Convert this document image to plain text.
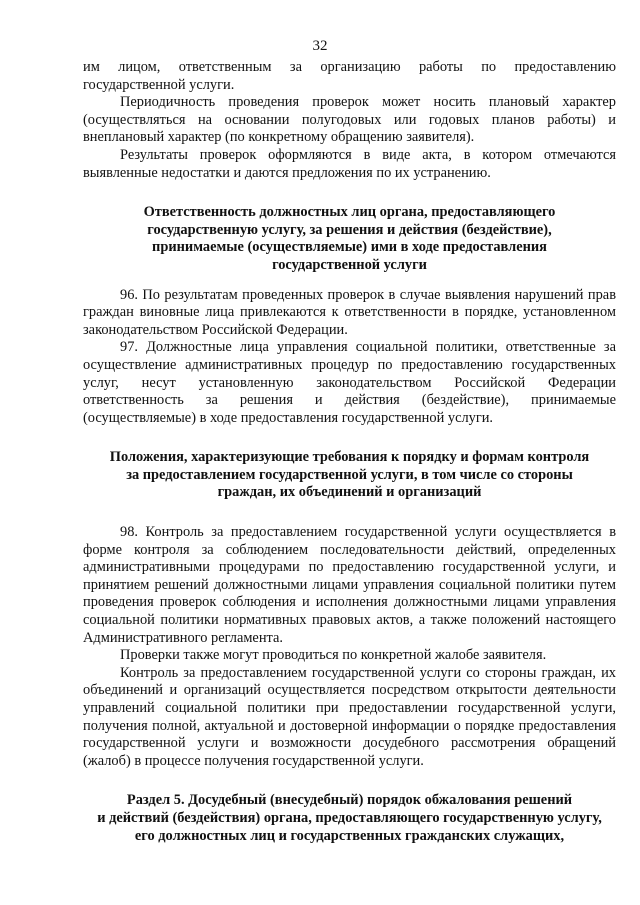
32

им лицом, ответственным за организацию работы по предоставлению государственной услуги.

Периодичность проведения проверок может носить плановый характер (осуществляться на основании полугодовых или годовых планов работы) и внеплановый характер (по конкретному обращению заявителя).

Результаты проверок оформляются в виде акта, в котором отмечаются выявленные недостатки и даются предложения по их устранению.

Ответственность должностных лиц органа, предоставляющего
государственную услугу, за решения и действия (бездействие),
принимаемые (осуществляемые) ими в ходе предоставления
государственной услуги

96. По результатам проведенных проверок в случае выявления нарушений прав граждан виновные лица привлекаются к ответственности в порядке, установленном законодательством Российской Федерации.

97. Должностные лица управления социальной политики, ответственные за осуществление административных процедур по предоставлению государственных услуг, несут установленную законодательством Российской Федерации ответственность за решения и действия (бездействие), принимаемые (осуществляемые) в ходе предоставления государственной услуги.

Положения, характеризующие требования к порядку и формам контроля
за предоставлением государственной услуги, в том числе со стороны
граждан, их объединений и организаций

98. Контроль за предоставлением государственной услуги осуществляется в форме контроля за соблюдением последовательности действий, определенных административными процедурами по предоставлению государственной услуги, и принятием решений должностными лицами управления социальной политики путем проведения проверок соблюдения и исполнения должностными лицами управления социальной политики нормативных правовых актов, а также положений настоящего Административного регламента.

Проверки также могут проводиться по конкретной жалобе заявителя.

Контроль за предоставлением государственной услуги со стороны граждан, их объединений и организаций осуществляется посредством открытости деятельности управлений социальной политики при предоставлении государственной услуги, получения полной, актуальной и достоверной информации о порядке предоставления государственной услуги и возможности досудебного рассмотрения обращений (жалоб) в процессе получения государственной услуги.

Раздел 5. Досудебный (внесудебный) порядок обжалования решений
и действий (бездействия) органа, предоставляющего государственную услугу,
его должностных лиц и государственных гражданских служащих,
